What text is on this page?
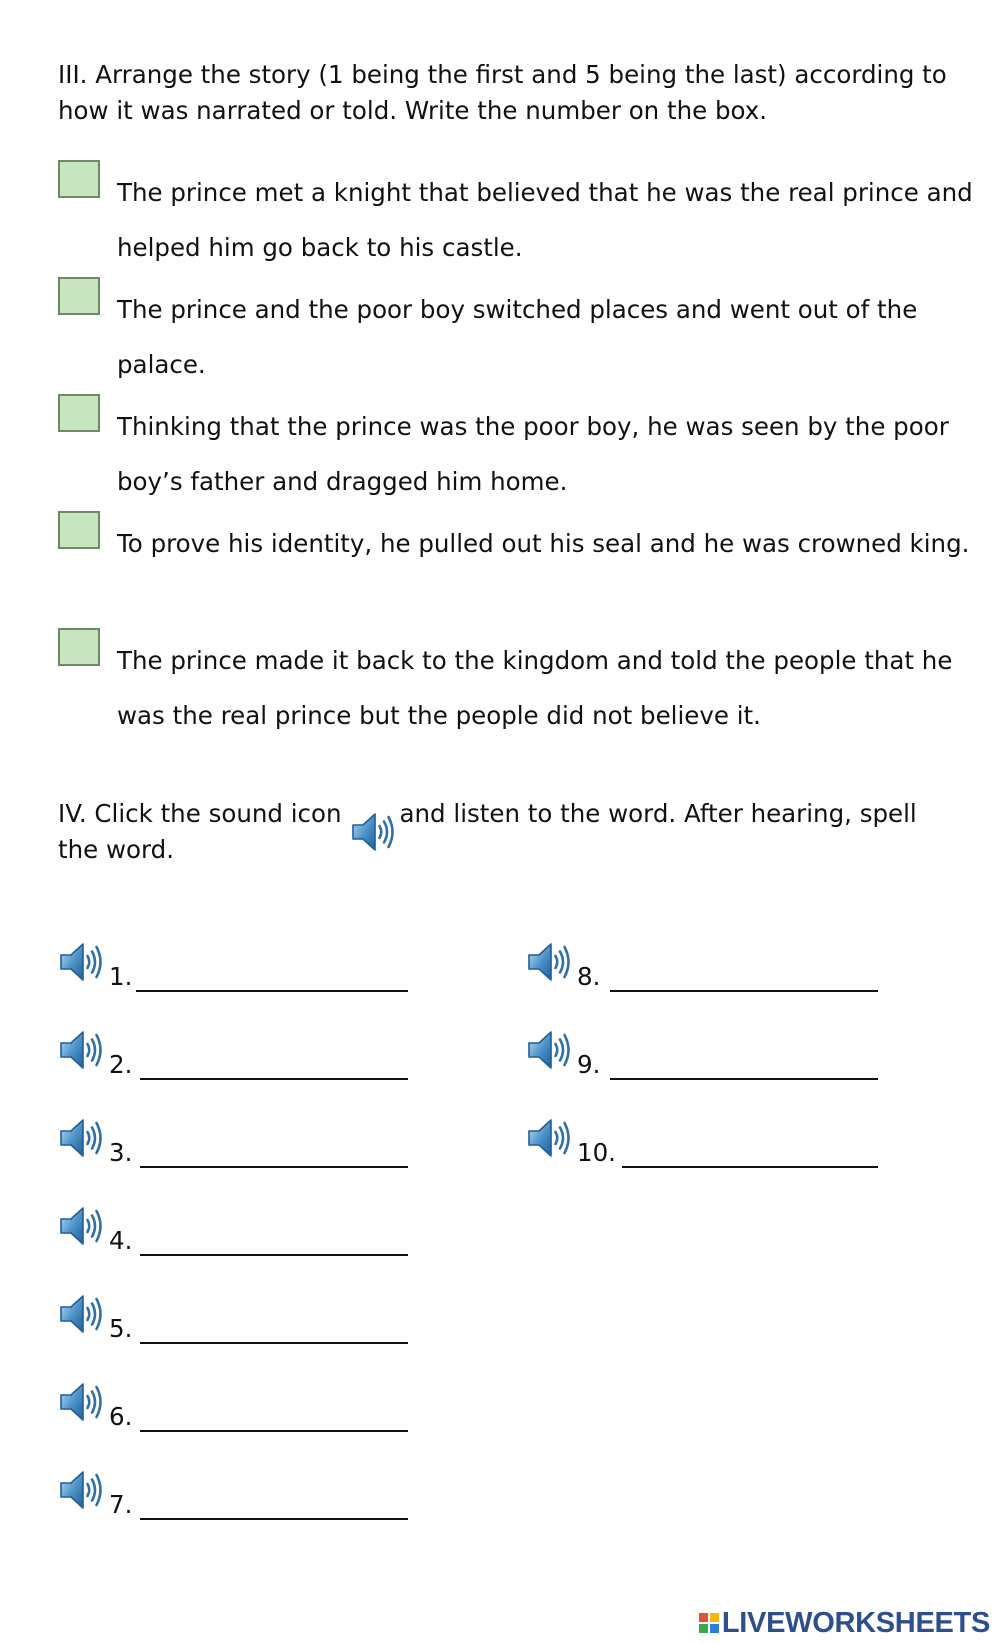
III. Arrange the story (1 being the first and 5 being the last) according to how it was narrated or told. Write the number on the box.

The prince met a knight that believed that he was the real prince and helped him go back to his castle.
The prince and the poor boy switched places and went out of the palace.
Thinking that the prince was the poor boy, he was seen by the poor boy’s father and dragged him home.
To prove his identity, he pulled out his seal and he was crowned king.
The prince made it back to the kingdom and told the people that he was the real prince but the people did not believe it.
IV. Click the sound icon and listen to the word. After hearing, spell the word.
1.
2.
3.
4.
5.
6.
7.
8.
9.
10.
LIVEWORKSHEETS
